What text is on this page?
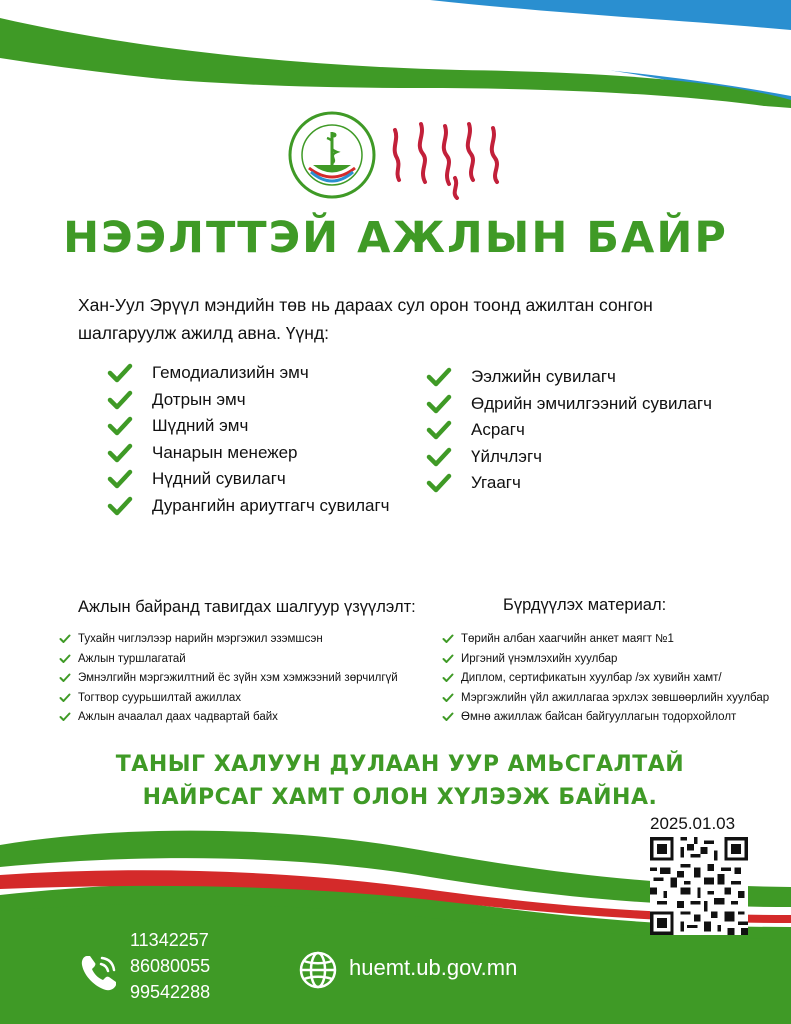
НЭЭЛТТЭЙ АЖЛЫН БАЙР
Хан-Уул Эрүүл мэндийн төв нь дараах сул орон тоонд ажилтан сонгон шалгаруулж ажилд авна. Үүнд:
Гемодиализийн эмч
Дотрын эмч
Шүдний эмч
Чанарын менежер
Нүдний сувилагч
Дурангийн ариутгагч сувилагч
Ээлжийн сувилагч
Өдрийн эмчилгээний сувилагч
Асрагч
Үйлчлэгч
Угаагч
Ажлын байранд тавигдах шалгуур үзүүлэлт:	Бүрдүүлэх материал:
Тухайн чиглэлээр нарийн мэргэжил эзэмшсэн
Ажлын туршлагатай
Эмнэлгийн мэргэжилтний ёс зүйн хэм хэмжээний зөрчилгүй
Тогтвор суурьшилтай ажиллах
Ажлын ачаалал даах чадвартай байх
Төрийн албан хаагчийн анкет маягт №1
Иргэний үнэмлэхийн хуулбар
Диплом, сертификатын хуулбар /эх хувийн хамт/
Мэргэжлийн үйл ажиллагаа эрхлэх зөвшөөрлийн хуулбар
Өмнө ажиллаж байсан байгууллагын тодорхойлолт
ТАНЫГ ХАЛУУН ДУЛААН УУР АМЬСГАЛТАЙ
НАЙРСАГ ХАМТ ОЛОН ХҮЛЭЭЖ БАЙНА.
2025.01.03
11342257
86080055
99542288
huemt.ub.gov.mn
